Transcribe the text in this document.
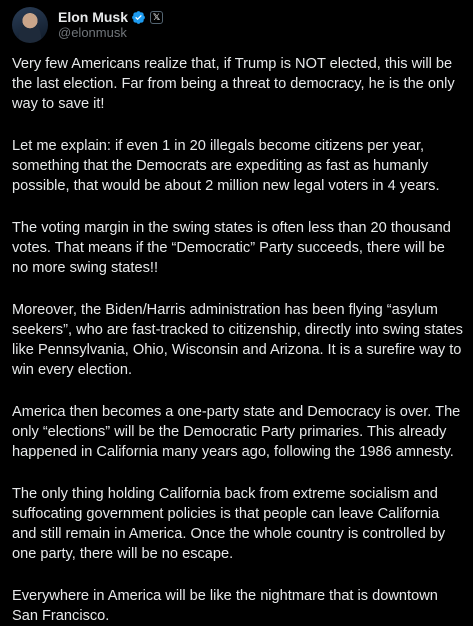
Elon Musk	𝕏
@elonmusk

Very few Americans realize that, if Trump is NOT elected, this will be the last election. Far from being a threat to democracy, he is the only way to save it!

Let me explain: if even 1 in 20 illegals become citizens per year, something that the Democrats are expediting as fast as humanly possible, that would be about 2 million new legal voters in 4 years.

The voting margin in the swing states is often less than 20 thousand votes. That means if the “Democratic” Party succeeds, there will be no more swing states!!

Moreover, the Biden/Harris administration has been flying “asylum seekers”, who are fast-tracked to citizenship, directly into swing states like Pennsylvania, Ohio, Wisconsin and Arizona. It is a surefire way to win every election.

America then becomes a one-party state and Democracy is over. The only “elections” will be the Democratic Party primaries. This already happened in California many years ago, following the 1986 amnesty.

The only thing holding California back from extreme socialism and suffocating government policies is that people can leave California and still remain in America. Once the whole country is controlled by one party, there will be no escape.

Everywhere in America will be like the nightmare that is downtown San Francisco.
